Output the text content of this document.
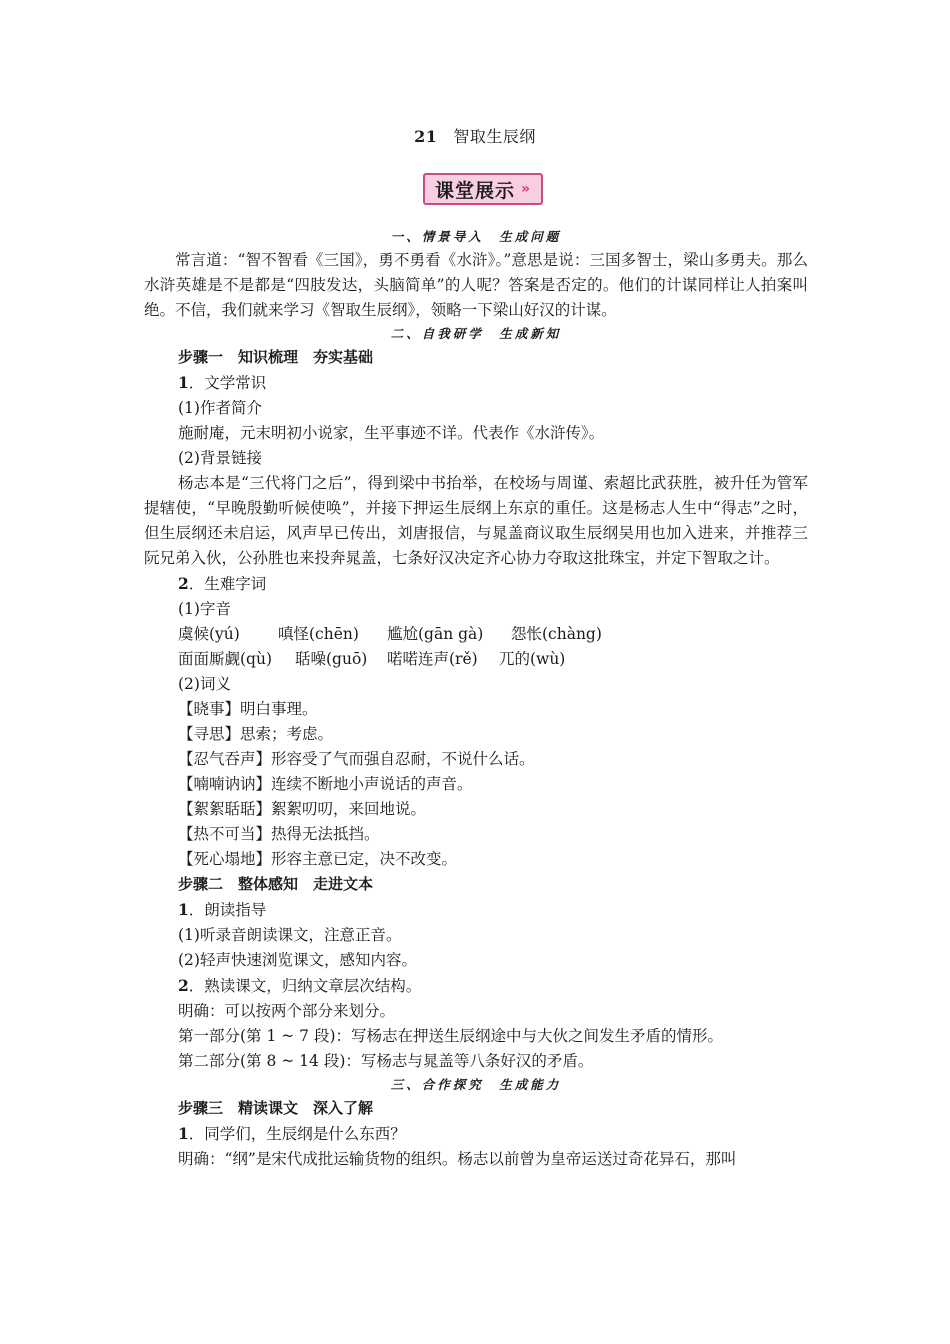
21 智取生辰纲
课堂展示 »
一、情景导入　生成问题

常言道：“智不智看《三国》，勇不勇看《水浒》。”意思是说：三国多智士，梁山多勇夫。那么水浒英雄是不是都是“四肢发达，头脑简单”的人呢？答案是否定的。他们的计谋同样让人拍案叫绝。不信，我们就来学习《智取生辰纲》，领略一下梁山好汉的计谋。

二、自我研学　生成新知
步骤一　知识梳理　夯实基础

1．文学常识

(1)作者简介

施耐庵，元末明初小说家，生平事迹不详。代表作《水浒传》。

(2)背景链接

杨志本是“三代将门之后”，得到梁中书抬举，在校场与周谨、索超比武获胜，被升任为管军提辖使，“早晚殷勤听候使唤”，并接下押运生辰纲上东京的重任。这是杨志人生中“得志”之时，但生辰纲还未启运，风声早已传出，刘唐报信，与晁盖商议取生辰纲吴用也加入进来，并推荐三阮兄弟入伙，公孙胜也来投奔晁盖，七条好汉决定齐心协力夺取这批珠宝，并定下智取之计。

2．生难字词

(1)字音

虞候(yú) 嗔怪(chēn) 尴尬(gān gà) 怨怅(chàng)
面面厮觑(qù) 聒噪(guō) 喏喏连声(rě) 兀的(wù)

(2)词义

【晓事】明白事理。

【寻思】思索；考虑。

【忍气吞声】形容受了气而强自忍耐，不说什么话。

【喃喃讷讷】连续不断地小声说话的声音。

【絮絮聒聒】絮絮叨叨，来回地说。

【热不可当】热得无法抵挡。

【死心塌地】形容主意已定，决不改变。

步骤二　整体感知　走进文本

1．朗读指导

(1)听录音朗读课文，注意正音。

(2)轻声快速浏览课文，感知内容。

2．熟读课文，归纳文章层次结构。

明确：可以按两个部分来划分。

第一部分(第 1 ~ 7 段)：写杨志在押送生辰纲途中与大伙之间发生矛盾的情形。

第二部分(第 8 ~ 14 段)：写杨志与晁盖等八条好汉的矛盾。

三、合作探究　生成能力
步骤三　精读课文　深入了解

1．同学们，生辰纲是什么东西？

明确：“纲”是宋代成批运输货物的组织。杨志以前曾为皇帝运送过奇花异石，那叫
